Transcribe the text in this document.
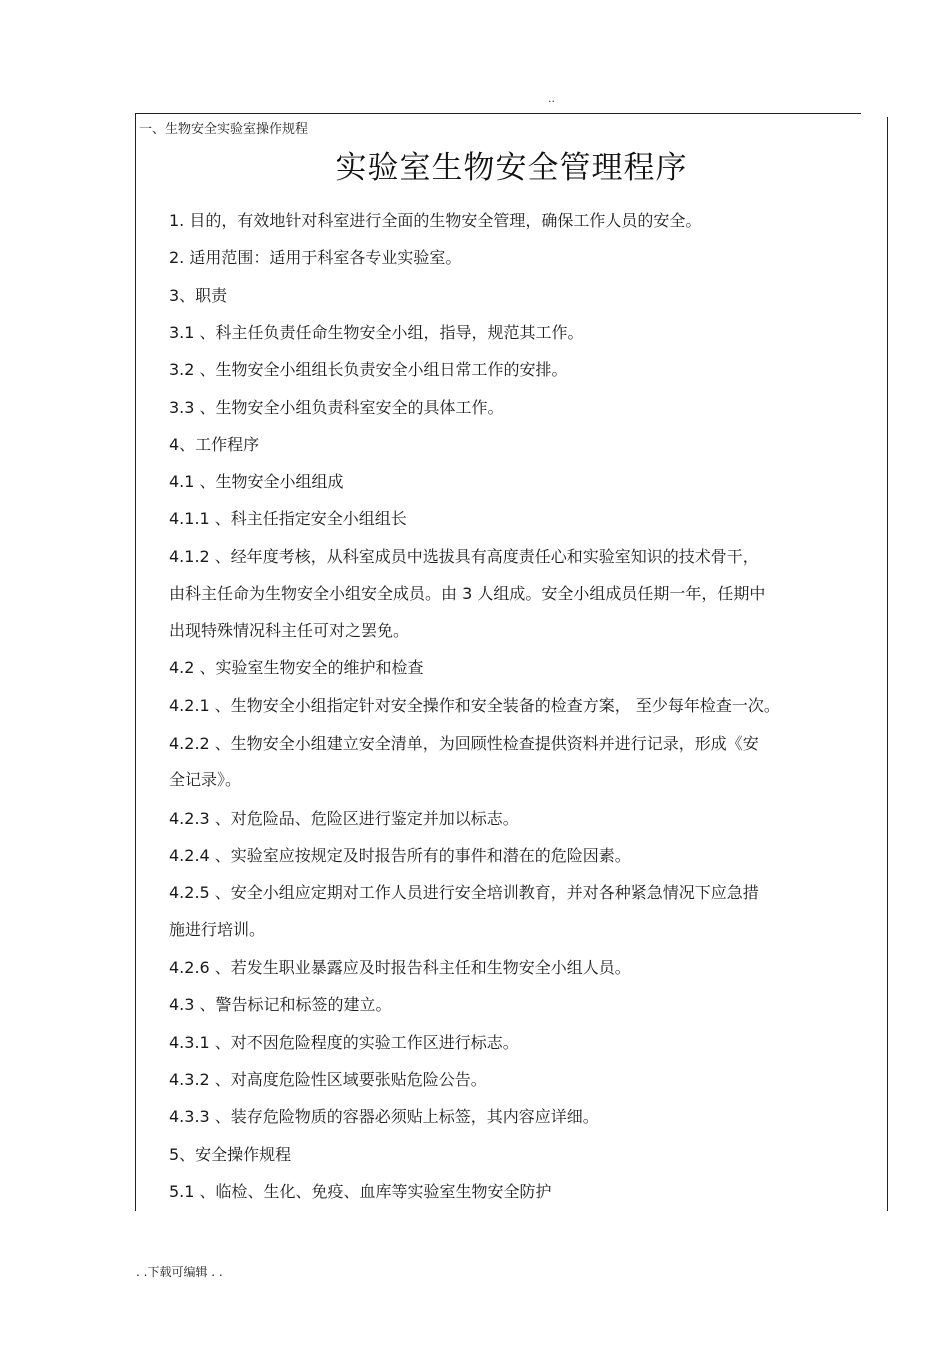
..
一、生物安全实验室操作规程
实验室生物安全管理程序
1. 目的，有效地针对科室进行全面的生物安全管理，确保工作人员的安全。
2. 适用范围：适用于科室各专业实验室。
3、职责
3.1 、科主任负责任命生物安全小组，指导，规范其工作。
3.2 、生物安全小组组长负责安全小组日常工作的安排。
3.3 、生物安全小组负责科室安全的具体工作。
4、工作程序
4.1 、生物安全小组组成
4.1.1 、科主任指定安全小组组长
4.1.2 、经年度考核，从科室成员中选拔具有高度责任心和实验室知识的技术骨干，
由科主任命为生物安全小组安全成员。由 3 人组成。安全小组成员任期一年，任期中
出现特殊情况科主任可对之罢免。
4.2 、实验室生物安全的维护和检查
4.2.1 、生物安全小组指定针对安全操作和安全装备的检查方案， 至少每年检查一次。
4.2.2 、生物安全小组建立安全清单，为回顾性检查提供资料并进行记录，形成《安
全记录》。
4.2.3 、对危险品、危险区进行鉴定并加以标志。
4.2.4 、实验室应按规定及时报告所有的事件和潜在的危险因素。
4.2.5 、安全小组应定期对工作人员进行安全培训教育，并对各种紧急情况下应急措
施进行培训。
4.2.6 、若发生职业暴露应及时报告科主任和生物安全小组人员。
4.3 、警告标记和标签的建立。
4.3.1 、对不因危险程度的实验工作区进行标志。
4.3.2 、对高度危险性区域要张贴危险公告。
4.3.3 、装存危险物质的容器必须贴上标签，其内容应详细。
5、安全操作规程
5.1 、临检、生化、免疫、血库等实验室生物安全防护
. .下载可编辑 . .
